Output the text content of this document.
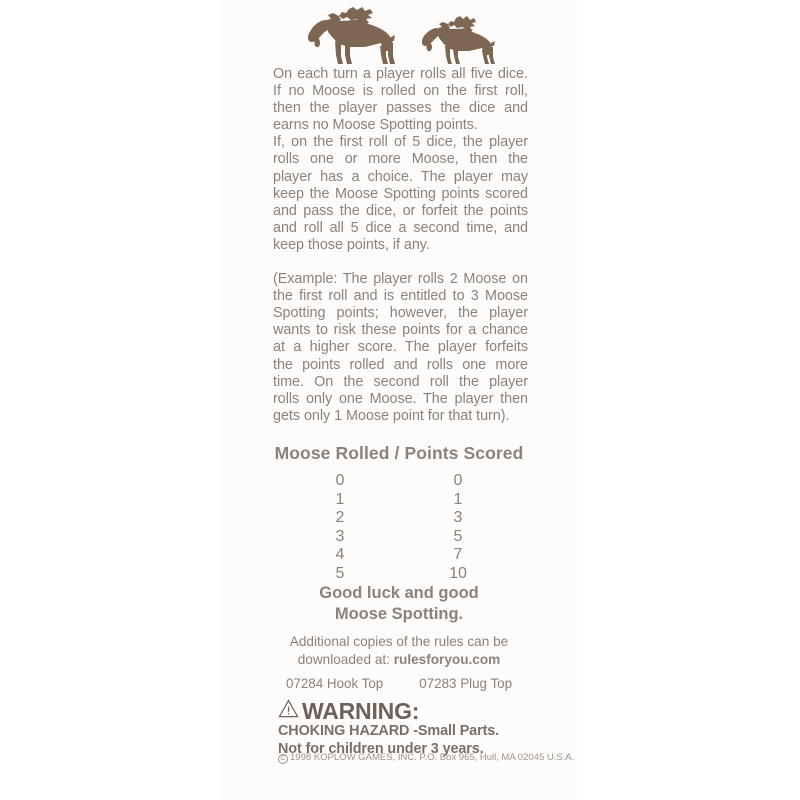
On each turn a player rolls all five dice.
If no Moose is rolled on the first roll,
then the player passes the dice and
earns no Moose Spotting points.

If, on the first roll of 5 dice, the player
rolls one or more Moose, then the
player has a choice. The player may
keep the Moose Spotting points scored
and pass the dice, or forfeit the points
and roll all 5 dice a second time, and
keep those points, if any.

(Example: The player rolls 2 Moose on
the first roll and is entitled to 3 Moose
Spotting points; however, the player
wants to risk these points for a chance
at a higher score. The player forfeits
the points rolled and rolls one more
time. On the second roll the player
rolls only one Moose. The player then
gets only 1 Moose point for that turn).

Moose Rolled / Points Scored
0	0
1	1
2	3
3	5
4	7
5	10
Good luck and good
Moose Spotting.
Additional copies of the rules can be
downloaded at: rulesforyou.com
07284 Hook Top	07283 Plug Top
WARNING:
CHOKING HAZARD -Small Parts.
Not for children under 3 years.
C 1998 KOPLOW GAMES, INC. P.O. Box 965, Hull, MA 02045 U.S.A.
